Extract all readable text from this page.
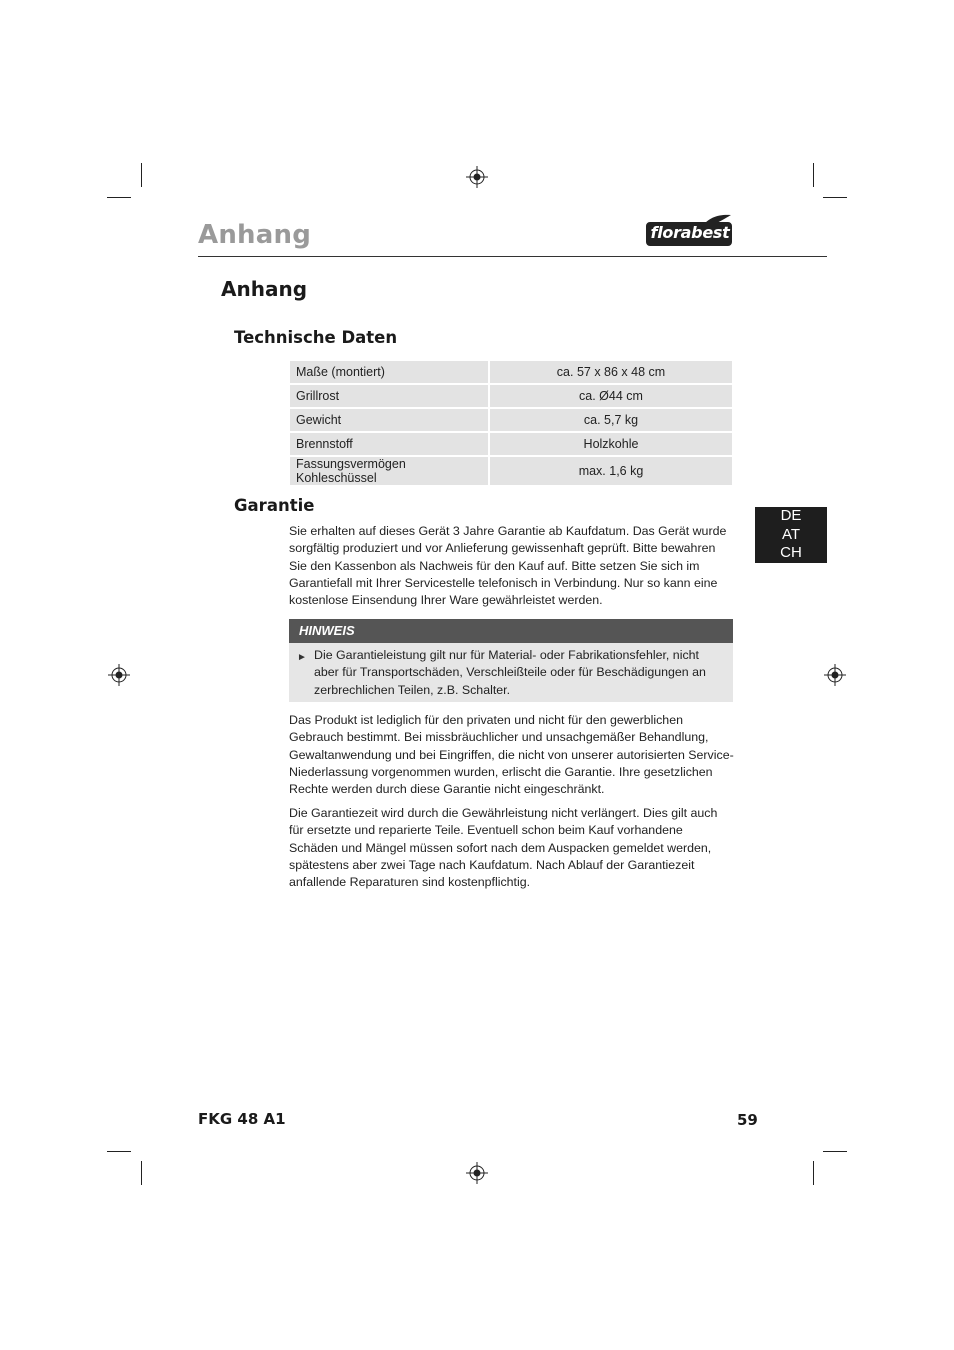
Anhang	florabest
Anhang
Technische Daten
Maße (montiert)	ca. 57 x 86 x 48 cm
Grillrost	ca. Ø44 cm
Gewicht	ca. 5,7 kg
Brennstoff	Holzkohle
Fassungsvermögen Kohleschüssel	max. 1,6 kg
DE
AT
CH
Garantie
Sie erhalten auf dieses Gerät 3 Jahre Garantie ab Kaufdatum. Das Gerät wurde sorgfältig produziert und vor Anlieferung gewissenhaft geprüft. Bitte bewahren Sie den Kassenbon als Nachweis für den Kauf auf. Bitte setzen Sie sich im Garantiefall mit Ihrer Servicestelle telefonisch in Verbindung. Nur so kann eine kostenlose Einsendung Ihrer Ware gewährleistet werden.
HINWEIS
► Die Garantieleistung gilt nur für Material- oder Fabrikationsfehler, nicht aber für Transportschäden, Verschleißteile oder für Beschädigungen an zerbrechlichen Teilen, z.B. Schalter.
Das Produkt ist lediglich für den privaten und nicht für den gewerblichen Gebrauch bestimmt. Bei missbräuchlicher und unsachgemäßer Behandlung, Gewaltanwendung und bei Eingriffen, die nicht von unserer autorisierten Service-Niederlassung vorgenommen wurden, erlischt die Garantie. Ihre gesetzlichen Rechte werden durch diese Garantie nicht eingeschränkt.
Die Garantiezeit wird durch die Gewährleistung nicht verlängert. Dies gilt auch für ersetzte und reparierte Teile. Eventuell schon beim Kauf vorhandene Schäden und Mängel müssen sofort nach dem Auspacken gemeldet werden, spätestens aber zwei Tage nach Kaufdatum. Nach Ablauf der Garantiezeit anfallende Reparaturen sind kostenpflichtig.
FKG 48 A1	59
